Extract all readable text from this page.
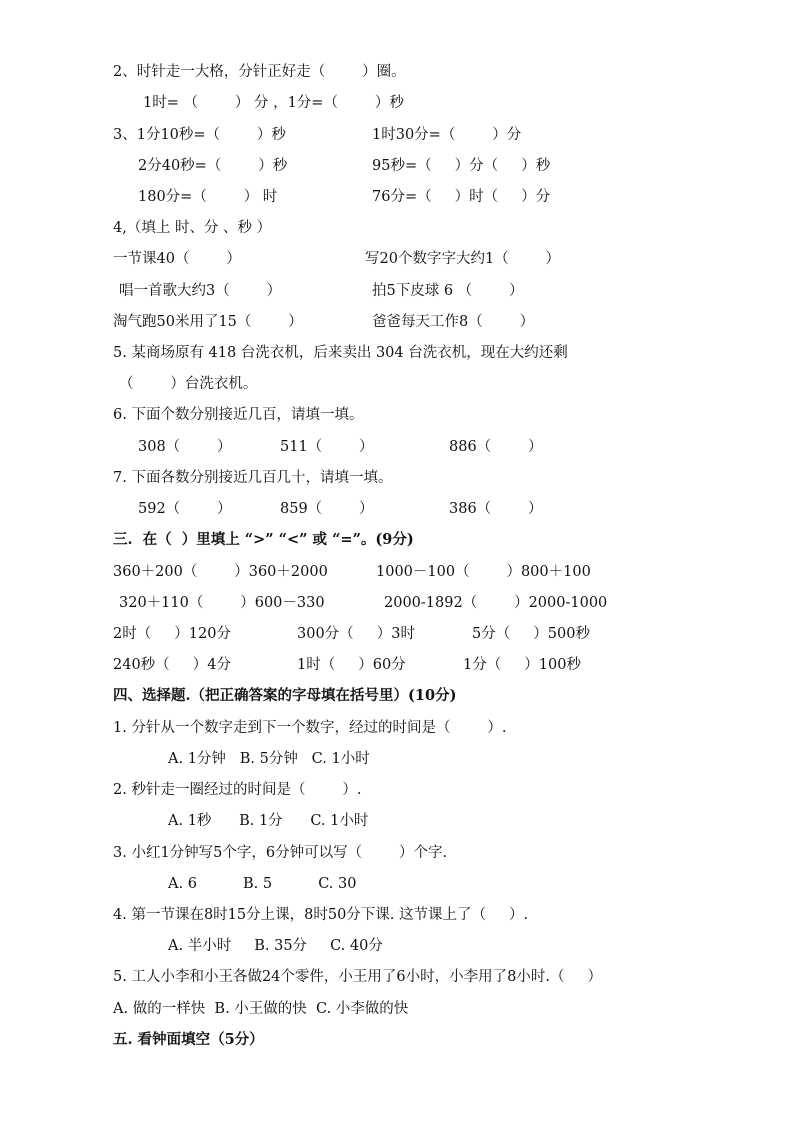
2、时针走一大格，分针正好走（        ）圈。
1时= （        ） 分 ，1分=（        ）秒
3、1分10秒=（        ）秒	1时30分=（        ）分
2分40秒=（        ）秒	95秒=（     ）分（     ）秒
180分=（        ） 时	76分=（     ）时（     ）分
4,（填上 时、分 、秒 ）
一节课40（        ）	写20个数字字大约1（        ）
唱一首歌大约3（        ）	拍5下皮球 6 （        ）
淘气跑50米用了15（        ）	爸爸每天工作8（        ）
5. 某商场原有 418 台洗衣机，后来卖出 304 台洗衣机，现在大约还剩
（        ）台洗衣机。
6. 下面个数分别接近几百，请填一填。
308（        ）	511（        ）	886（        ）
7. 下面各数分别接近几百几十，请填一填。
592（        ）	859（        ）	386（        ）
三.  在（  ）里填上 “>” “<” 或 “=”。(9分)
360＋200（        ）360＋2000	1000－100（        ）800＋100
320＋110（        ）600－330	2000-1892（        ）2000-1000
2时（     ）120分	300分（     ）3时	5分（     ）500秒
240秒（     ）4分	1时（     ）60分	1分（     ）100秒
四、选择题.（把正确答案的字母填在括号里）(10分)
1. 分针从一个数字走到下一个数字，经过的时间是（        ）.
A. 1分钟   B. 5分钟   C. 1小时
2. 秒针走一圈经过的时间是（        ）.
A. 1秒      B. 1分      C. 1小时
3. 小红1分钟写5个字，6分钟可以写（        ）个字.
A. 6          B. 5          C. 30
4. 第一节课在8时15分上课，8时50分下课. 这节课上了（     ）.
A. 半小时     B. 35分     C. 40分
5. 工人小李和小王各做24个零件，小王用了6小时，小李用了8小时.（     ）
A. 做的一样快  B. 小王做的快  C. 小李做的快
五. 看钟面填空（5分）
